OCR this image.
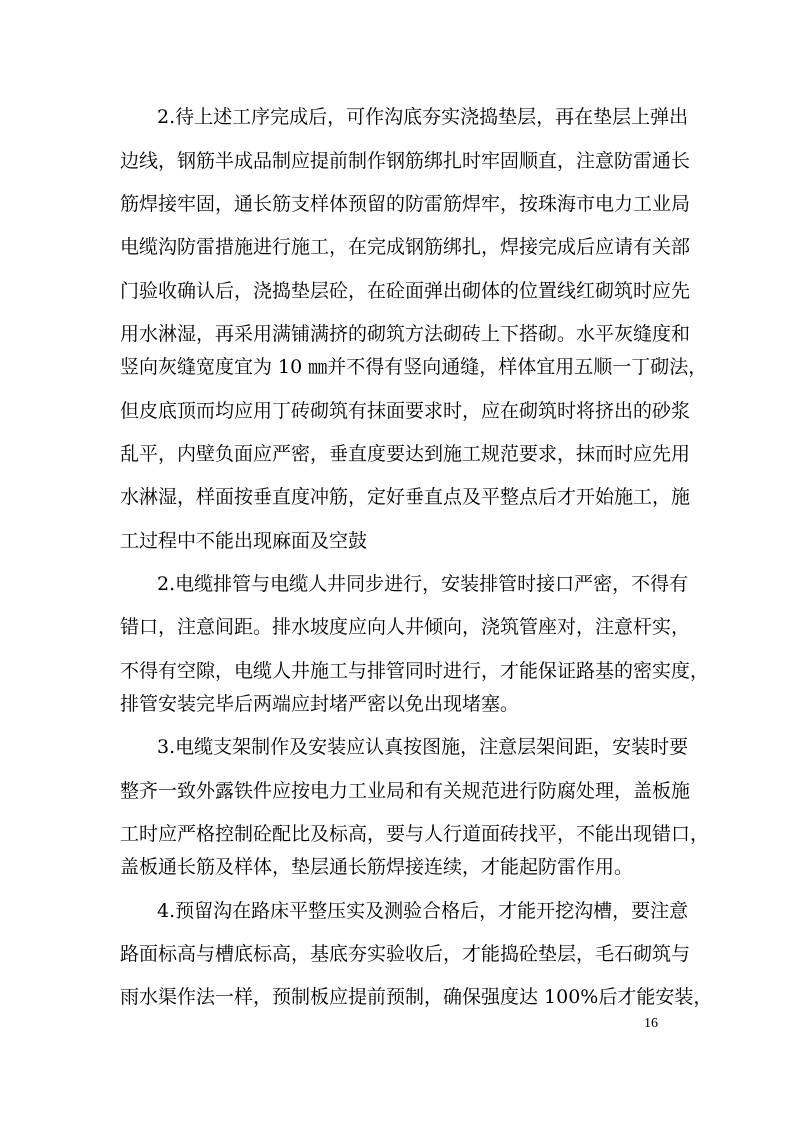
2.待上述工序完成后，可作沟底夯实浇捣垫层，再在垫层上弹出
边线，钢筋半成品制应提前制作钢筋绑扎时牢固顺直，注意防雷通长
筋焊接牢固，通长筋支样体预留的防雷筋焊牢，按珠海市电力工业局
电缆沟防雷措施进行施工，在完成钢筋绑扎，焊接完成后应请有关部
门验收确认后，浇捣垫层砼，在砼面弹出砌体的位置线红砌筑时应先
用水淋湿，再采用满铺满挤的砌筑方法砌砖上下搭砌。水平灰缝度和
竖向灰缝宽度宜为 10 ㎜并不得有竖向通缝，样体宜用五顺一丁砌法，
但皮底顶而均应用丁砖砌筑有抹面要求时，应在砌筑时将挤出的砂浆
乱平，内壁负面应严密，垂直度要达到施工规范要求，抹而时应先用
水淋湿，样面按垂直度冲筋，定好垂直点及平整点后才开始施工，施
工过程中不能出现麻面及空鼓
2.电缆排管与电缆人井同步进行，安装排管时接口严密，不得有
错口，注意间距。排水坡度应向人井倾向，浇筑管座对，注意杆实，
不得有空隙，电缆人井施工与排管同时进行，才能保证路基的密实度，
排管安装完毕后两端应封堵严密以免出现堵塞。
3.电缆支架制作及安装应认真按图施，注意层架间距，安装时要
整齐一致外露铁件应按电力工业局和有关规范进行防腐处理，盖板施
工时应严格控制砼配比及标高，要与人行道面砖找平，不能出现错口，
盖板通长筋及样体，垫层通长筋焊接连续，才能起防雷作用。
4.预留沟在路床平整压实及测验合格后，才能开挖沟槽，要注意
路面标高与槽底标高，基底夯实验收后，才能捣砼垫层，毛石砌筑与
雨水渠作法一样，预制板应提前预制，确保强度达 100%后才能安装，
16
